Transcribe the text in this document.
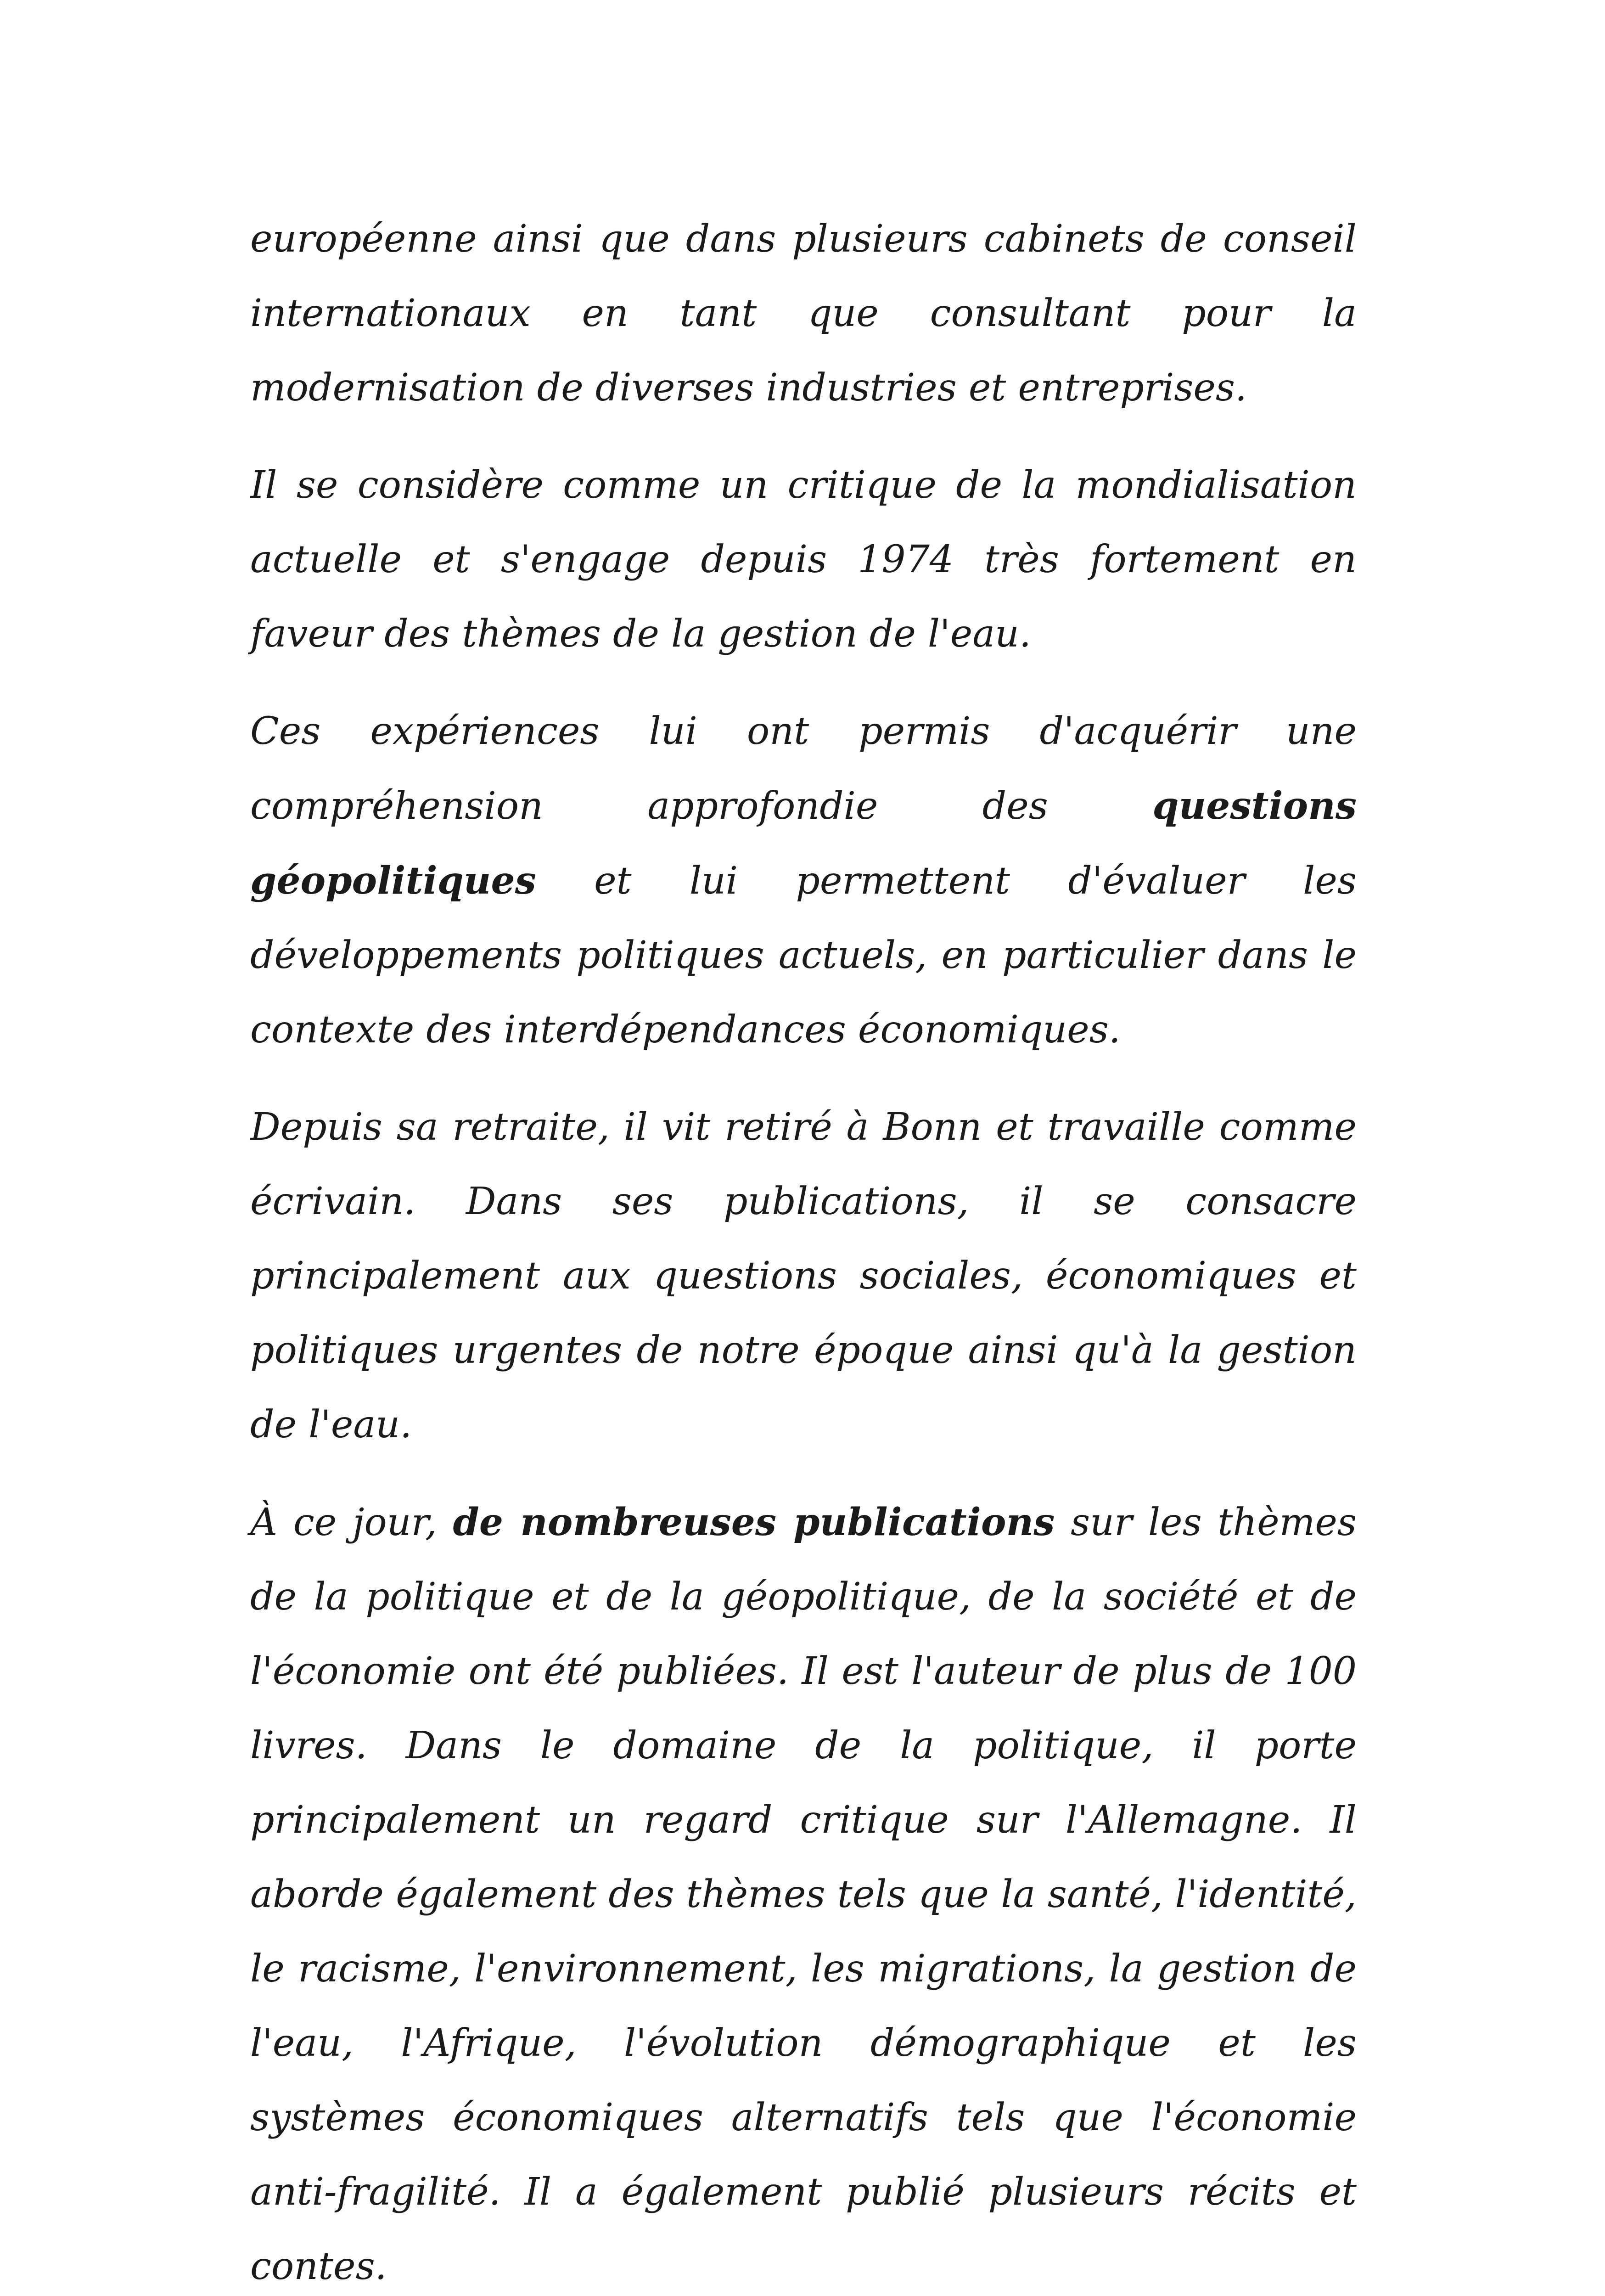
européenne ainsi que dans plusieurs cabinets de conseil internationaux en tant que consultant pour la modernisation de diverses industries et entreprises.

Il se considère comme un critique de la mondialisation actuelle et s'engage depuis 1974 très fortement en faveur des thèmes de la gestion de l'eau.

Ces expériences lui ont permis d'acquérir une compréhension approfondie des questions géopolitiques et lui permettent d'évaluer les développements politiques actuels, en particulier dans le contexte des interdépendances économiques.

Depuis sa retraite, il vit retiré à Bonn et travaille comme écrivain. Dans ses publications, il se consacre principalement aux questions sociales, économiques et politiques urgentes de notre époque ainsi qu'à la gestion de l'eau.

À ce jour, de nombreuses publications sur les thèmes de la politique et de la géopolitique, de la société et de l'économie ont été publiées. Il est l'auteur de plus de 100 livres. Dans le domaine de la politique, il porte principalement un regard critique sur l'Allemagne. Il aborde également des thèmes tels que la santé, l'identité, le racisme, l'environnement, les migrations, la gestion de l'eau, l'Afrique, l'évolution démographique et les systèmes économiques alternatifs tels que l'économie anti-fragilité. Il a également publié plusieurs récits et contes.
